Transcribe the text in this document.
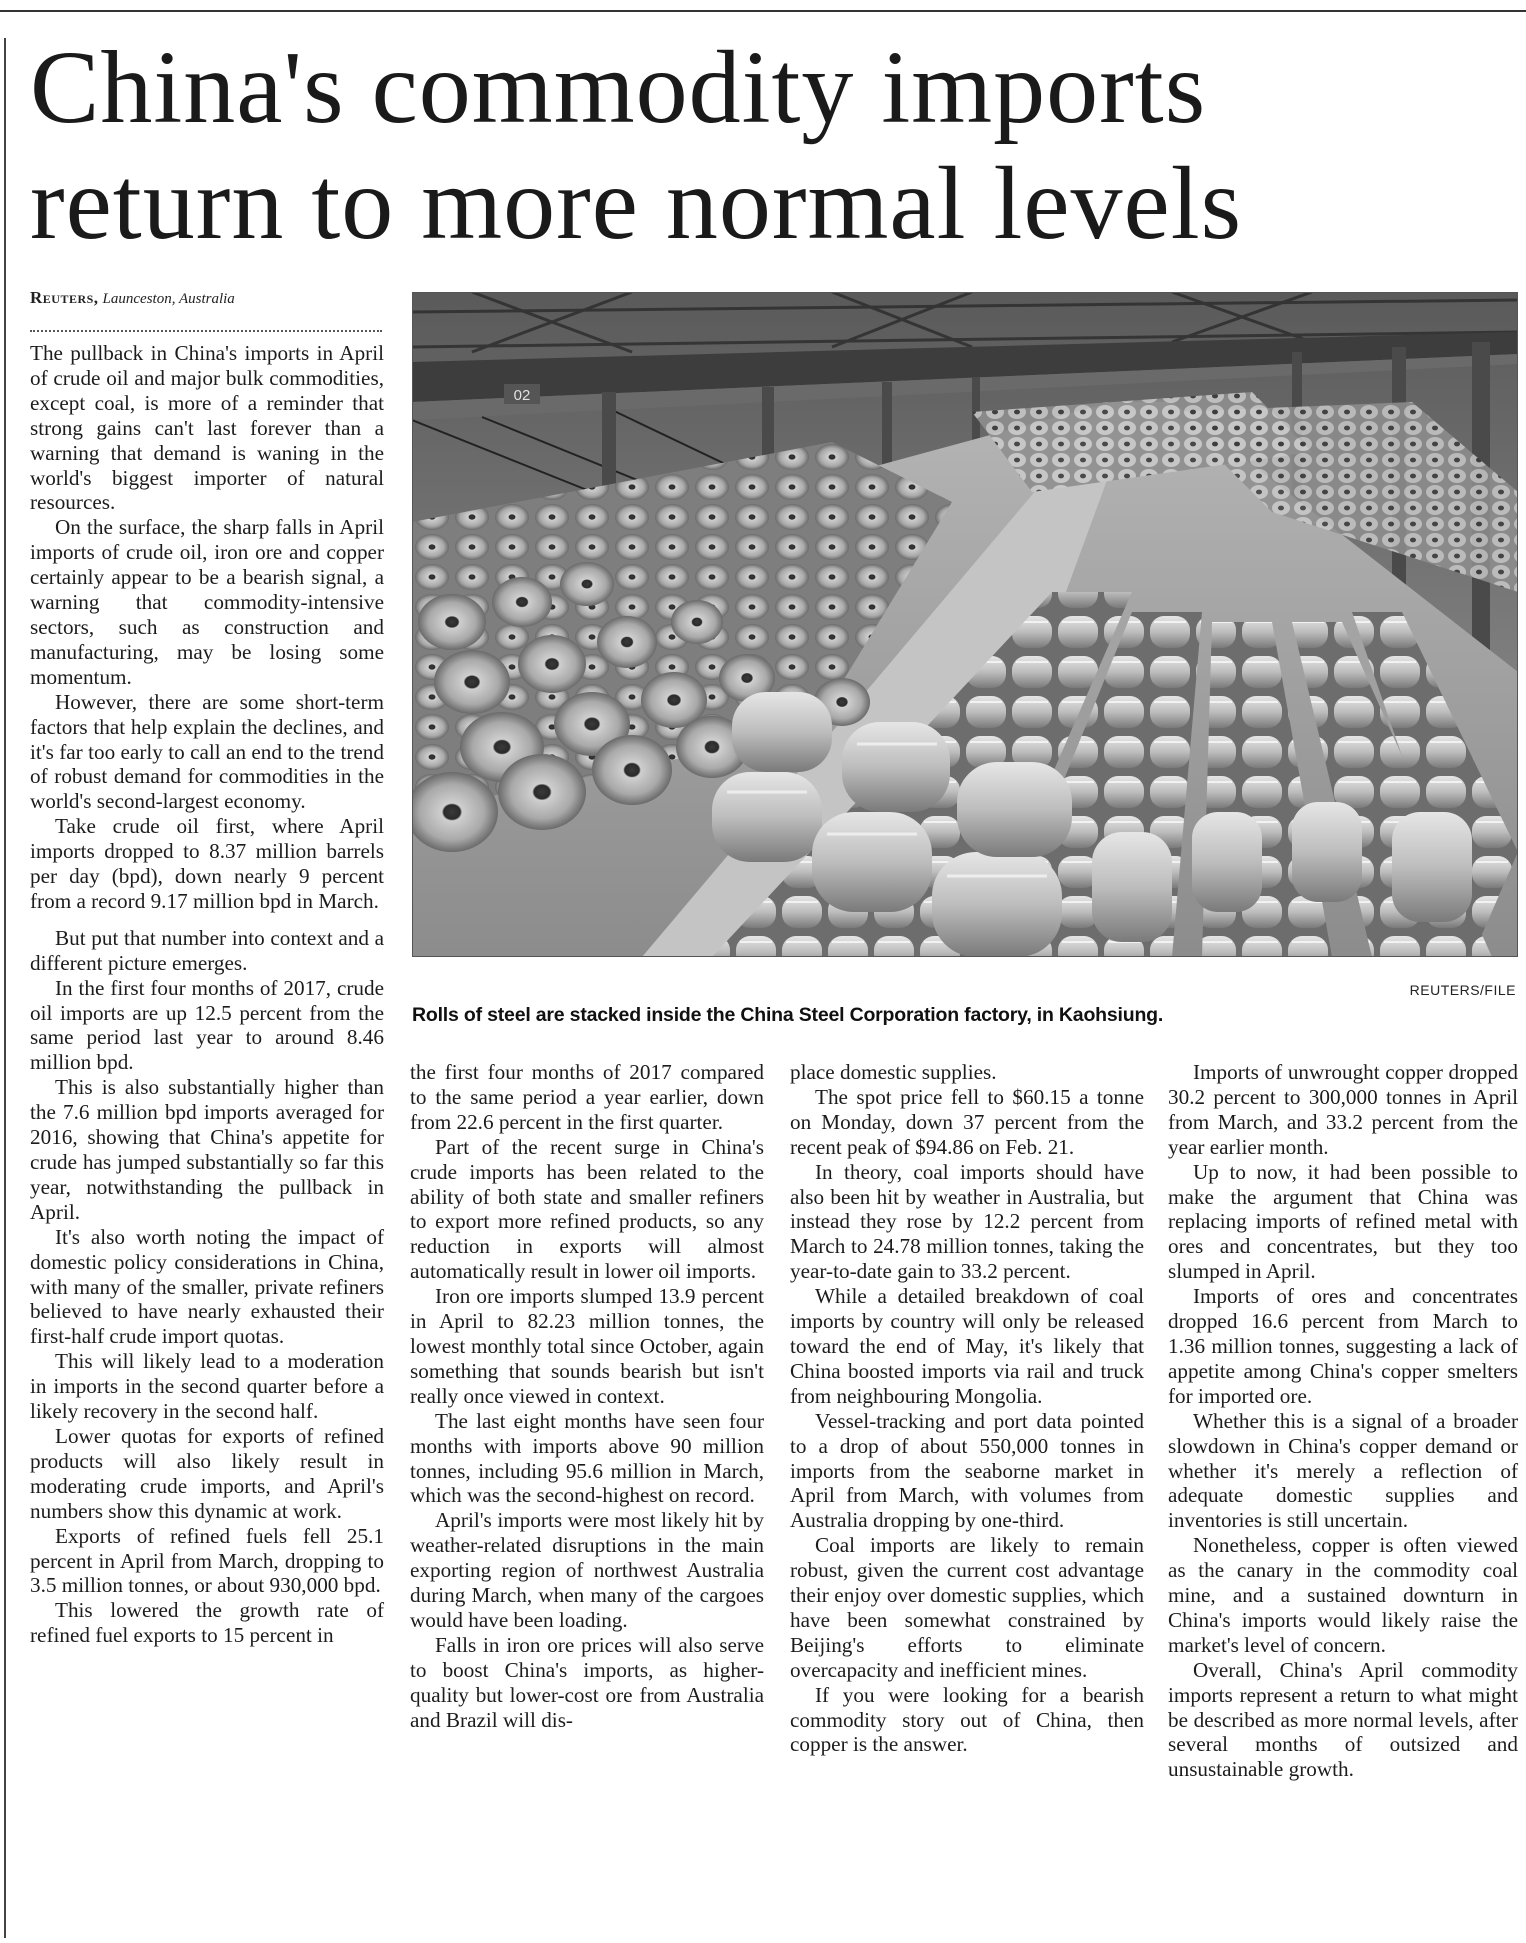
China's commodity imports
return to more normal levels
Reuters, Launceston, Australia

The pullback in China's imports in April of crude oil and major bulk commodities, except coal, is more of a reminder that strong gains can't last forever than a warning that demand is waning in the world's biggest importer of natural resources.

On the surface, the sharp falls in April imports of crude oil, iron ore and copper certainly appear to be a bearish signal, a warning that commodity-intensive sectors, such as construction and manufacturing, may be losing some momentum.

However, there are some short-term factors that help explain the declines, and it's far too early to call an end to the trend of robust demand for commodities in the world's second-largest economy.

Take crude oil first, where April imports dropped to 8.37 million barrels per day (bpd), down nearly 9 percent from a record 9.17 million bpd in March.

But put that number into context and a different picture emerges.

In the first four months of 2017, crude oil imports are up 12.5 percent from the same period last year to around 8.46 million bpd.

This is also substantially higher than the 7.6 million bpd imports averaged for 2016, showing that China's appetite for crude has jumped substantially so far this year, notwithstanding the pullback in April.

It's also worth noting the impact of domestic policy considerations in China, with many of the smaller, private refiners believed to have nearly exhausted their first-half crude import quotas.

This will likely lead to a moderation in imports in the second quarter before a likely recovery in the second half.

Lower quotas for exports of refined products will also likely result in moderating crude imports, and April's numbers show this dynamic at work.

Exports of refined fuels fell 25.1 percent in April from March, dropping to 3.5 million tonnes, or about 930,000 bpd.

This lowered the growth rate of refined fuel exports to 15 percent in

02
REUTERS/FILE
Rolls of steel are stacked inside the China Steel Corporation factory, in Kaohsiung.

the first four months of 2017 compared to the same period a year earlier, down from 22.6 percent in the first quarter.

Part of the recent surge in China's crude imports has been related to the ability of both state and smaller refiners to export more refined products, so any reduction in exports will almost automatically result in lower oil imports.

Iron ore imports slumped 13.9 percent in April to 82.23 million tonnes, the lowest monthly total since October, again something that sounds bearish but isn't really once viewed in context.

The last eight months have seen four months with imports above 90 million tonnes, including 95.6 million in March, which was the second-highest on record.

April's imports were most likely hit by weather-related disruptions in the main exporting region of northwest Australia during March, when many of the cargoes would have been loading.

Falls in iron ore prices will also serve to boost China's imports, as higher-quality but lower-cost ore from Australia and Brazil will dis-

place domestic supplies.

The spot price fell to $60.15 a tonne on Monday, down 37 percent from the recent peak of $94.86 on Feb. 21.

In theory, coal imports should have also been hit by weather in Australia, but instead they rose by 12.2 percent from March to 24.78 million tonnes, taking the year-to-date gain to 33.2 percent.

While a detailed breakdown of coal imports by country will only be released toward the end of May, it's likely that China boosted imports via rail and truck from neighbouring Mongolia.

Vessel-tracking and port data pointed to a drop of about 550,000 tonnes in imports from the seaborne market in April from March, with volumes from Australia dropping by one-third.

Coal imports are likely to remain robust, given the current cost advantage their enjoy over domestic supplies, which have been somewhat constrained by Beijing's efforts to eliminate overcapacity and inefficient mines.

If you were looking for a bearish commodity story out of China, then copper is the answer.

Imports of unwrought copper dropped 30.2 percent to 300,000 tonnes in April from March, and 33.2 percent from the year earlier month.

Up to now, it had been possible to make the argument that China was replacing imports of refined metal with ores and concentrates, but they too slumped in April.

Imports of ores and concentrates dropped 16.6 percent from March to 1.36 million tonnes, suggesting a lack of appetite among China's copper smelters for imported ore.

Whether this is a signal of a broader slowdown in China's copper demand or whether it's merely a reflection of adequate domestic supplies and inventories is still uncertain.

Nonetheless, copper is often viewed as the canary in the commodity coal mine, and a sustained downturn in China's imports would likely raise the market's level of concern.

Overall, China's April commodity imports represent a return to what might be described as more normal levels, after several months of outsized and unsustainable growth.
